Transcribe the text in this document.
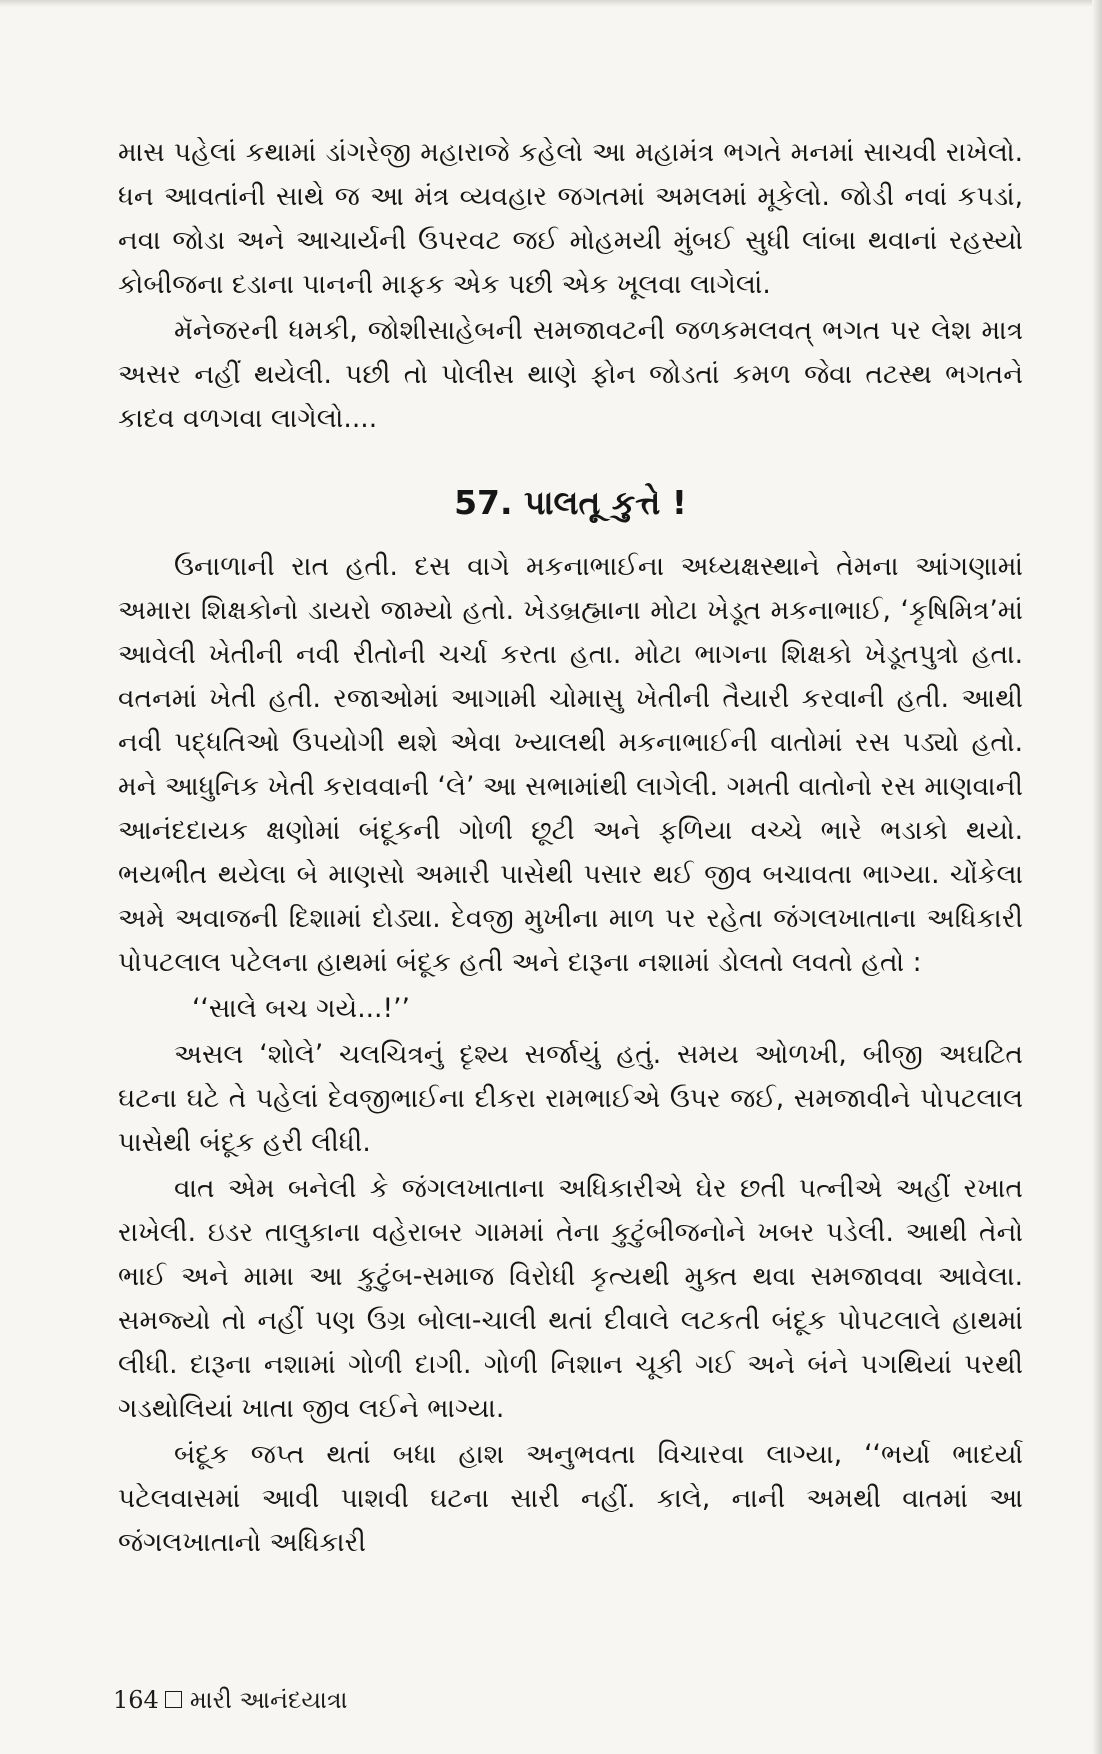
માસ પહેલાં કથામાં ડાંગરેજી મહારાજે કહેલો આ મહામંત્ર ભગતે મનમાં સાચવી રાખેલો. ધન આવતાંની સાથે જ આ મંત્ર વ્યવહાર જગતમાં અમલમાં મૂકેલો. જોડી નવાં કપડાં, નવા જોડા અને આચાર્યની ઉપરવટ જઈ મોહમયી મુંબઈ સુધી લાંબા થવાનાં રહસ્યો કોબીજના દડાના પાનની માફક એક પછી એક ખૂલવા લાગેલાં.

મૅનેજરની ધમકી, જોશીસાહેબની સમજાવટની જળકમલવત્ ભગત પર લેશ માત્ર અસર નહીં થયેલી. પછી તો પોલીસ થાણે ફોન જોડતાં કમળ જેવા તટસ્થ ભગતને કાદવ વળગવા લાગેલો....

57. પાલતૂ કુત્તે !

ઉનાળાની રાત હતી. દસ વાગે મકનાભાઈના અધ્યક્ષસ્થાને તેમના આંગણામાં અમારા શિક્ષકોનો ડાયરો જામ્યો હતો. ખેડબ્રહ્માના મોટા ખેડૂત મકનાભાઈ, ‘કૃષિમિત્ર’માં આવેલી ખેતીની નવી રીતોની ચર્ચા કરતા હતા. મોટા ભાગના શિક્ષકો ખેડૂતપુત્રો હતા. વતનમાં ખેતી હતી. રજાઓમાં આગામી ચોમાસુ ખેતીની તૈયારી કરવાની હતી. આથી નવી પદ્ધતિઓ ઉપયોગી થશે એવા ખ્યાલથી મકનાભાઈની વાતોમાં રસ પડ્યો હતો. મને આધુનિક ખેતી કરાવવાની ‘લે’ આ સભામાંથી લાગેલી. ગમતી વાતોનો રસ માણવાની આનંદદાયક ક્ષણોમાં બંદૂકની ગોળી છૂટી અને ફળિયા વચ્ચે ભારે ભડાકો થયો. ભયભીત થયેલા બે માણસો અમારી પાસેથી પસાર થઈ જીવ બચાવતા ભાગ્યા. ચોંકેલા અમે અવાજની દિશામાં દોડ્યા. દેવજી મુખીના માળ પર રહેતા જંગલખાતાના અધિકારી પોપટલાલ પટેલના હાથમાં બંદૂક હતી અને દારૂના નશામાં ડોલતો લવતો હતો :

‘‘સાલે બચ ગયે...!’’

અસલ ‘શોલે’ ચલચિત્રનું દૃશ્ય સર્જાયું હતું. સમય ઓળખી, બીજી અઘટિત ઘટના ઘટે તે પહેલાં દેવજીભાઈના દીકરા રામભાઈએ ઉપર જઈ, સમજાવીને પોપટલાલ પાસેથી બંદૂક હરી લીધી.

વાત એમ બનેલી કે જંગલખાતાના અધિકારીએ ઘેર છતી પત્નીએ અહીં રખાત રાખેલી. ઇડર તાલુકાના વહેરાબર ગામમાં તેના કુટુંબીજનોને ખબર પડેલી. આથી તેનો ભાઈ અને મામા આ કુટુંબ-સમાજ વિરોધી કૃત્યથી મુક્ત થવા સમજાવવા આવેલા. સમજ્યો તો નહીં પણ ઉગ્ર બોલા-ચાલી થતાં દીવાલે લટકતી બંદૂક પોપટલાલે હાથમાં લીધી. દારૂના નશામાં ગોળી દાગી. ગોળી નિશાન ચૂકી ગઈ અને બંને પગથિયાં પરથી ગડથોલિયાં ખાતા જીવ લઈને ભાગ્યા.

બંદૂક જપ્ત થતાં બધા હાશ અનુભવતા વિચારવા લાગ્યા, ‘‘ભર્યા ભાદર્યા પટેલવાસમાં આવી પાશવી ઘટના સારી નહીં. કાલે, નાની અમથી વાતમાં આ જંગલખાતાનો અધિકારી

164 મારી આનંદયાત્રા
